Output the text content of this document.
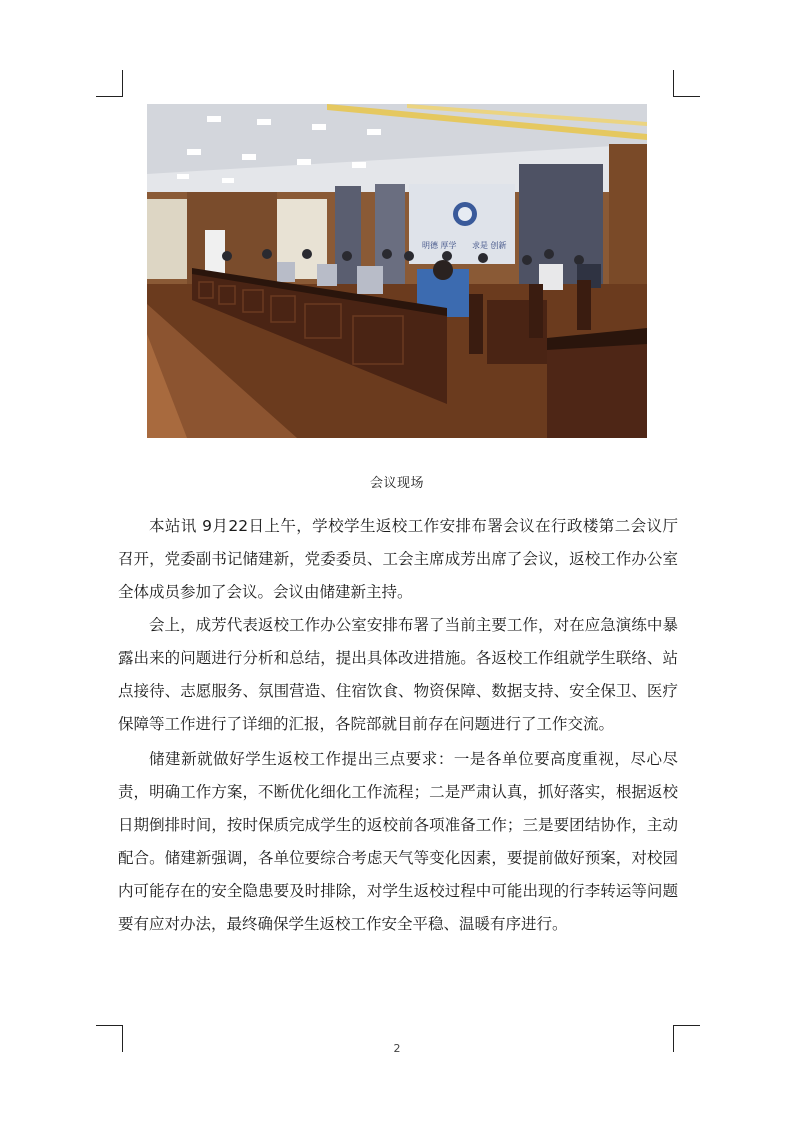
明德 厚学 求是 创新
会议现场

本站讯 9月22日上午，学校学生返校工作安排布署会议在行政楼第二会议厅召开，党委副书记储建新，党委委员、工会主席成芳出席了会议，返校工作办公室全体成员参加了会议。会议由储建新主持。

会上，成芳代表返校工作办公室安排布署了当前主要工作，对在应急演练中暴露出来的问题进行分析和总结，提出具体改进措施。各返校工作组就学生联络、站点接待、志愿服务、氛围营造、住宿饮食、物资保障、数据支持、安全保卫、医疗保障等工作进行了详细的汇报，各院部就目前存在问题进行了工作交流。

储建新就做好学生返校工作提出三点要求：一是各单位要高度重视，尽心尽责，明确工作方案，不断优化细化工作流程；二是严肃认真，抓好落实，根据返校日期倒排时间，按时保质完成学生的返校前各项准备工作；三是要团结协作，主动配合。储建新强调，各单位要综合考虑天气等变化因素，要提前做好预案，对校园内可能存在的安全隐患要及时排除，对学生返校过程中可能出现的行李转运等问题要有应对办法，最终确保学生返校工作安全平稳、温暖有序进行。

2
